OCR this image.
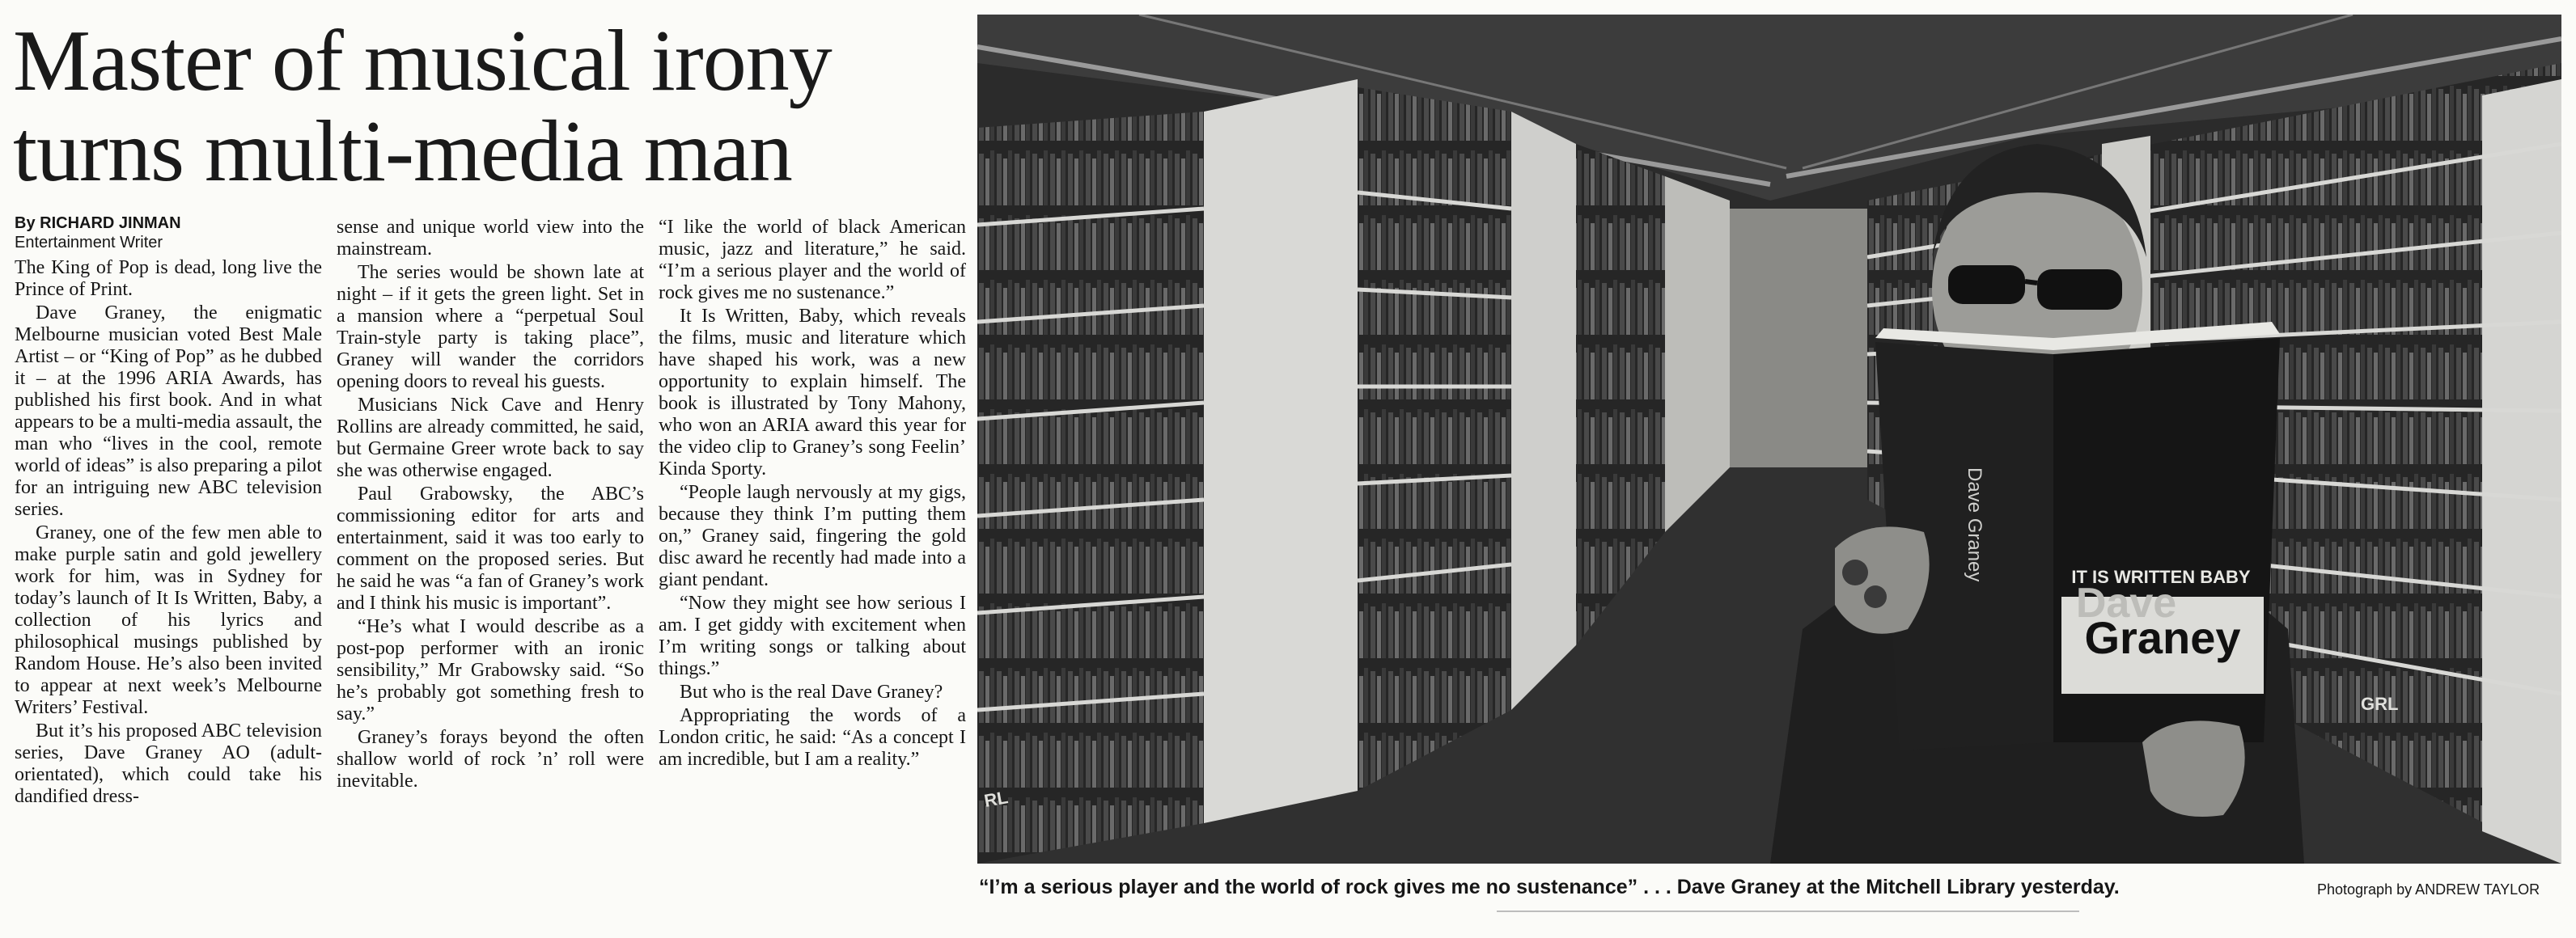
Master of musical irony
turns multi-media man
By RICHARD JINMAN
Entertainment Writer

The King of Pop is dead, long live the Prince of Print.

Dave Graney, the enigmatic Melbourne musician voted Best Male Artist – or “King of Pop” as he dubbed it – at the 1996 ARIA Awards, has published his first book. And in what appears to be a multi-media assault, the man who “lives in the cool, remote world of ideas” is also preparing a pilot for an intriguing new ABC television series.

Graney, one of the few men able to make purple satin and gold jewellery work for him, was in Sydney for today’s launch of It Is Written, Baby, a collection of his lyrics and philosophical musings published by Random House. He’s also been invited to appear at next week’s Melbourne Writers’ Festival.

But it’s his proposed ABC television series, Dave Graney AO (adult-orientated), which could take his dandified dress-

sense and unique world view into the mainstream.

The series would be shown late at night – if it gets the green light. Set in a mansion where a “perpetual Soul Train-style party is taking place”, Graney will wander the corridors opening doors to reveal his guests.

Musicians Nick Cave and Henry Rollins are already committed, he said, but Germaine Greer wrote back to say she was otherwise engaged.

Paul Grabowsky, the ABC’s commissioning editor for arts and entertainment, said it was too early to comment on the proposed series. But he said he was “a fan of Graney’s work and I think his music is important”.

“He’s what I would describe as a post-pop performer with an ironic sensibility,” Mr Grabowsky said. “So he’s probably got something fresh to say.”

Graney’s forays beyond the often shallow world of rock ’n’ roll were inevitable.

“I like the world of black American music, jazz and literature,” he said. “I’m a serious player and the world of rock gives me no sustenance.”

It Is Written, Baby, which reveals the films, music and literature which have shaped his work, was a new opportunity to explain himself. The book is illustrated by Tony Mahony, who won an ARIA award this year for the video clip to Graney’s song Feelin’ Kinda Sporty.

“People laugh nervously at my gigs, because they think I’m putting them on,” Graney said, fingering the gold disc award he recently had made into a giant pendant.

“Now they might see how serious I am. I get giddy with excitement when I’m writing songs or talking about things.”

But who is the real Dave Graney?

Appropriating the words of a London critic, he said: “As a concept I am incredible, but I am a reality.”

IT IS WRITTEN BABY
Dave
Graney
Dave Graney
GRL
RL
“I’m a serious player and the world of rock gives me no sustenance” . . . Dave Graney at the Mitchell Library yesterday.	Photograph by ANDREW TAYLOR
